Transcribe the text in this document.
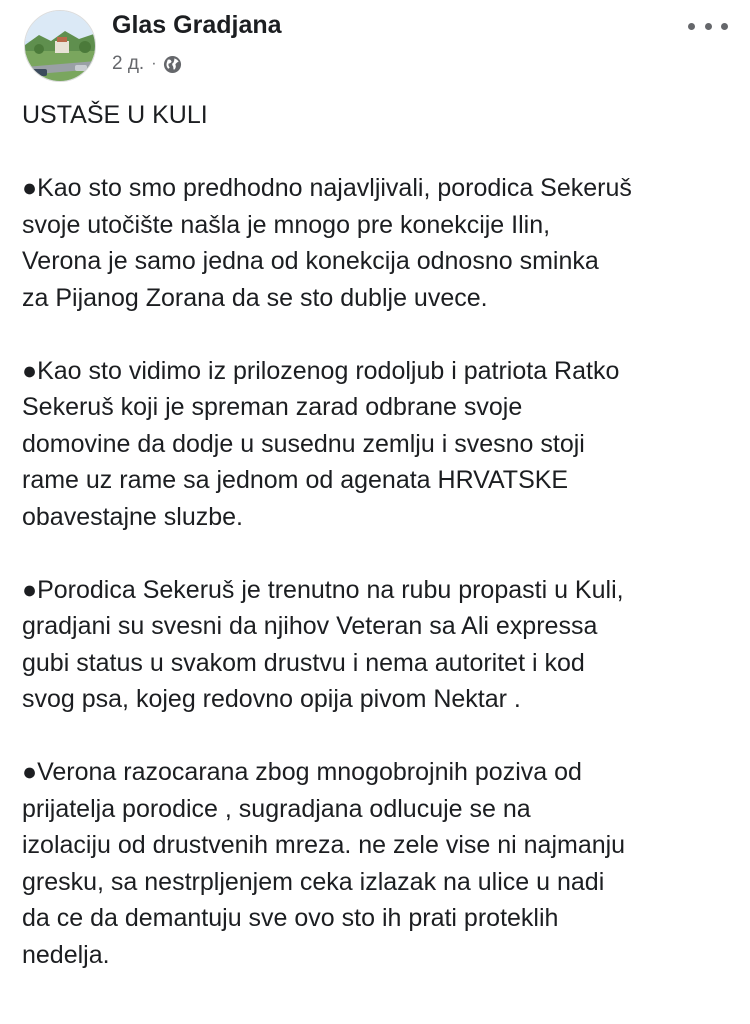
Glas Gradjana
2 д. ·

USTAŠE U KULI

●Kao sto smo predhodno najavljivali, porodica Sekeruš
svoje utočište našla je mnogo pre konekcije Ilin,
Verona je samo jedna od konekcija odnosno sminka
za Pijanog Zorana da se sto dublje uvece.

●Kao sto vidimo iz prilozenog rodoljub i patriota Ratko
Sekeruš koji je spreman zarad odbrane svoje
domovine da dodje u susednu zemlju i svesno stoji
rame uz rame sa jednom od agenata HRVATSKE
obavestajne sluzbe.

●Porodica Sekeruš je trenutno na rubu propasti u Kuli,
gradjani su svesni da njihov Veteran sa Ali expressa
gubi status u svakom drustvu i nema autoritet i kod
svog psa, kojeg redovno opija pivom Nektar .

●Verona razocarana zbog mnogobrojnih poziva od
prijatelja porodice , sugradjana odlucuje se na
izolaciju od drustvenih mreza. ne zele vise ni najmanju
gresku, sa nestrpljenjem ceka izlazak na ulice u nadi
da ce da demantuju sve ovo sto ih prati proteklih
nedelja.
